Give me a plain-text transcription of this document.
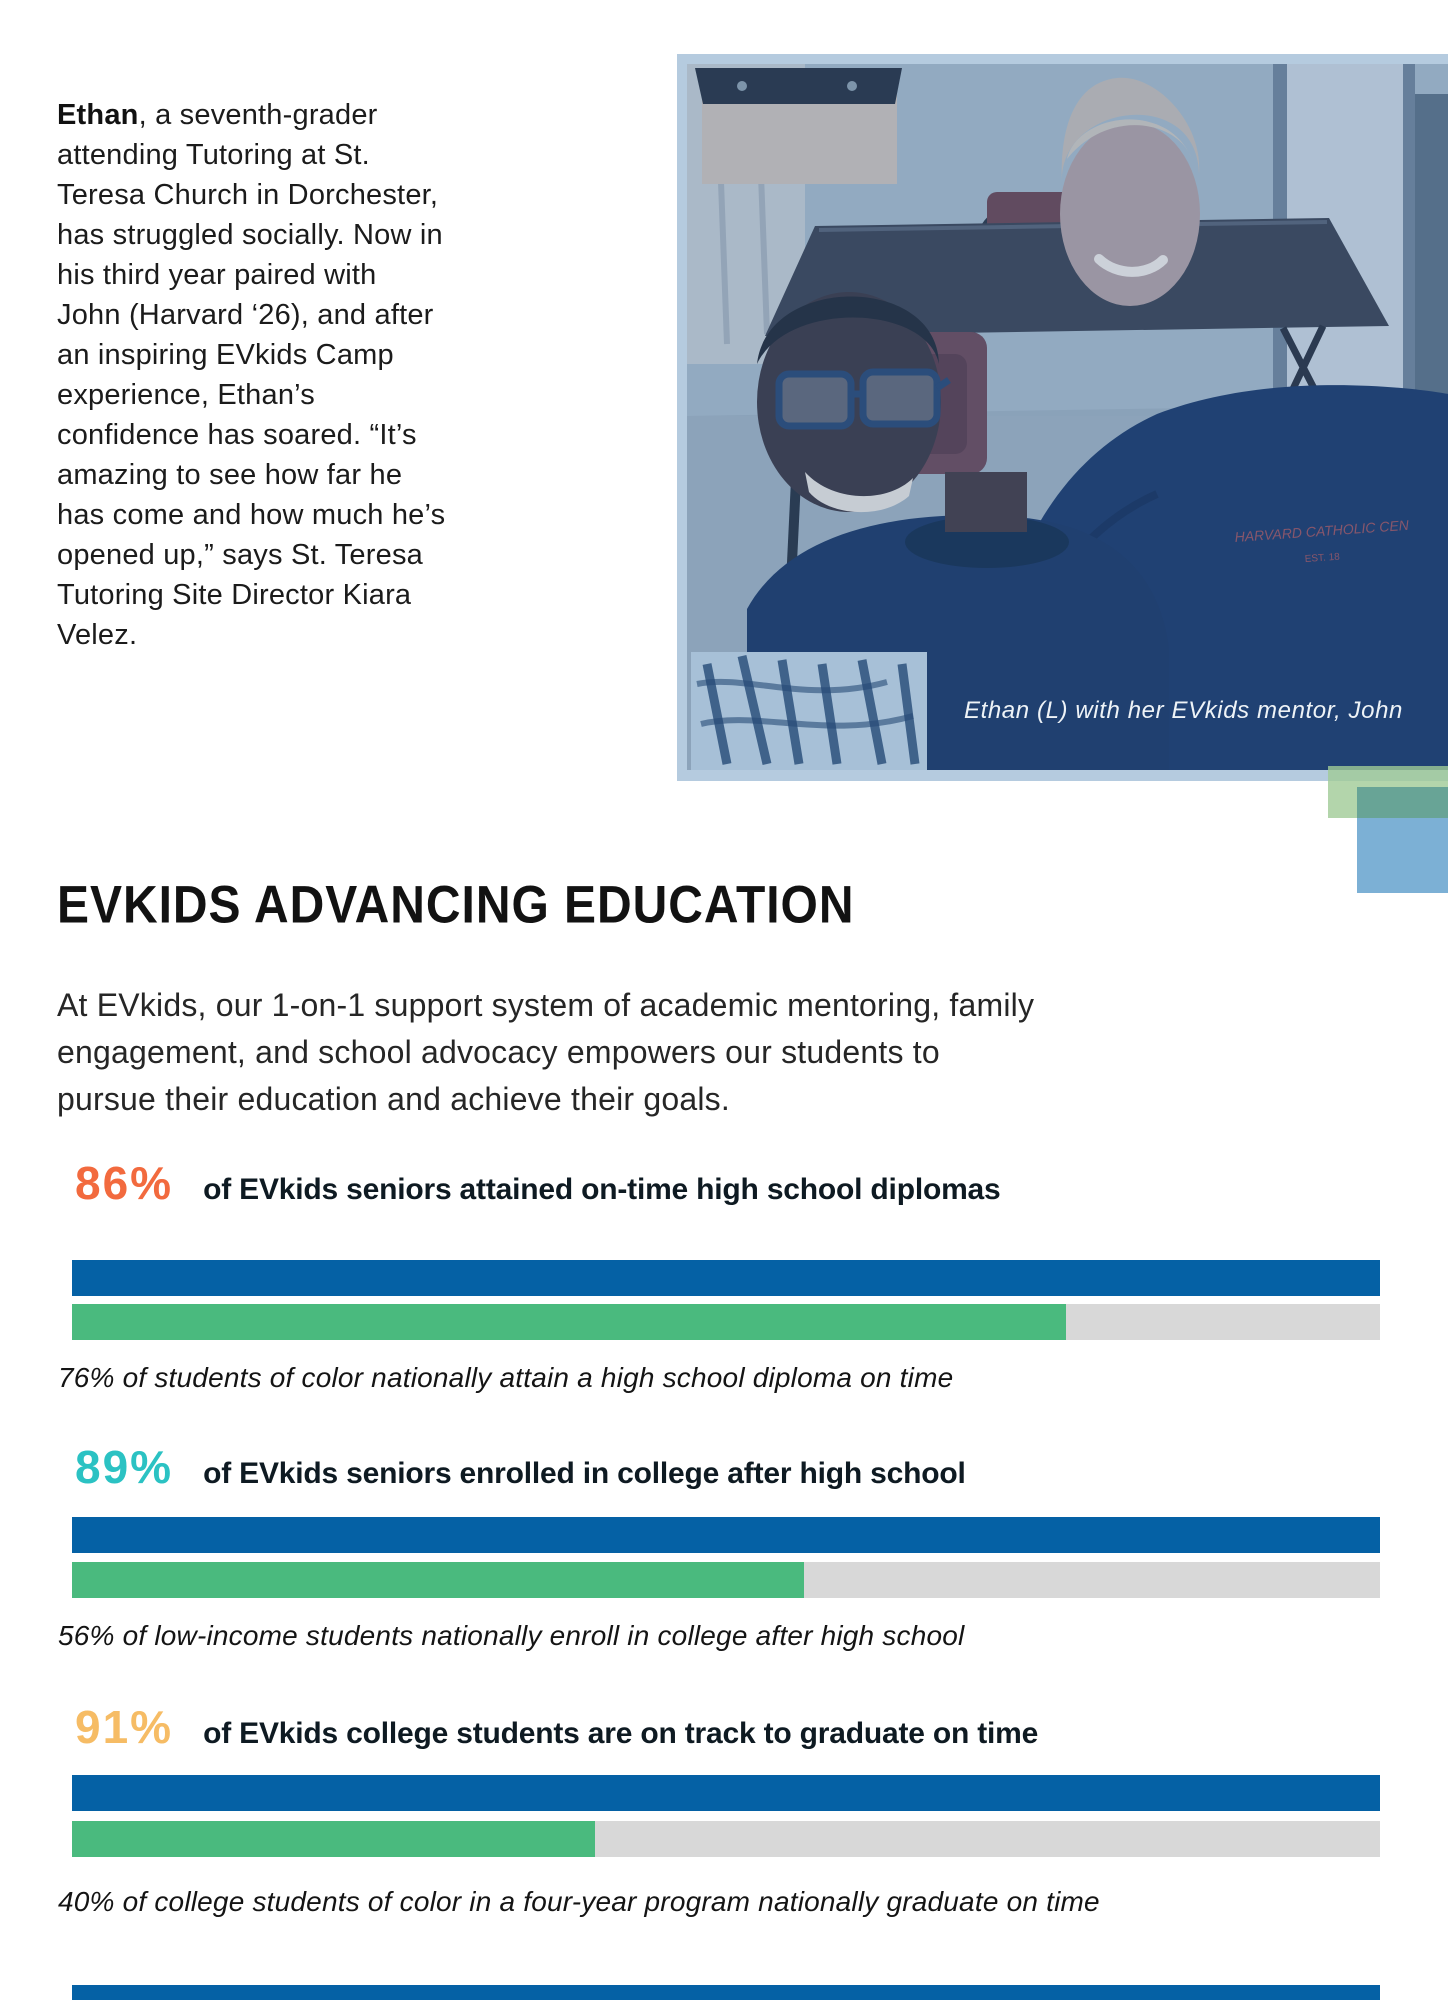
Ethan, a seventh-grader
attending Tutoring at St.
Teresa Church in Dorchester,
has struggled socially. Now in
his third year paired with
John (Harvard ‘26), and after
an inspiring EVkids Camp
experience, Ethan’s
confidence has soared. “It’s
amazing to see how far he
has come and how much he’s
opened up,” says St. Teresa
Tutoring Site Director Kiara
Velez.

HARVARD CATHOLIC CEN
EST. 18
Ethan (L) with her EVkids mentor, John
EVKIDS ADVANCING EDUCATION

At EVkids, our 1-on-1 support system of academic mentoring, family
engagement, and school advocacy empowers our students to
pursue their education and achieve their goals.

86% of EVkids seniors attained on-time high school diplomas
76% of students of color nationally attain a high school diploma on time
89% of EVkids seniors enrolled in college after high school
56% of low-income students nationally enroll in college after high school
91% of EVkids college students are on track to graduate on time
40% of college students of color in a four-year program nationally graduate on time
